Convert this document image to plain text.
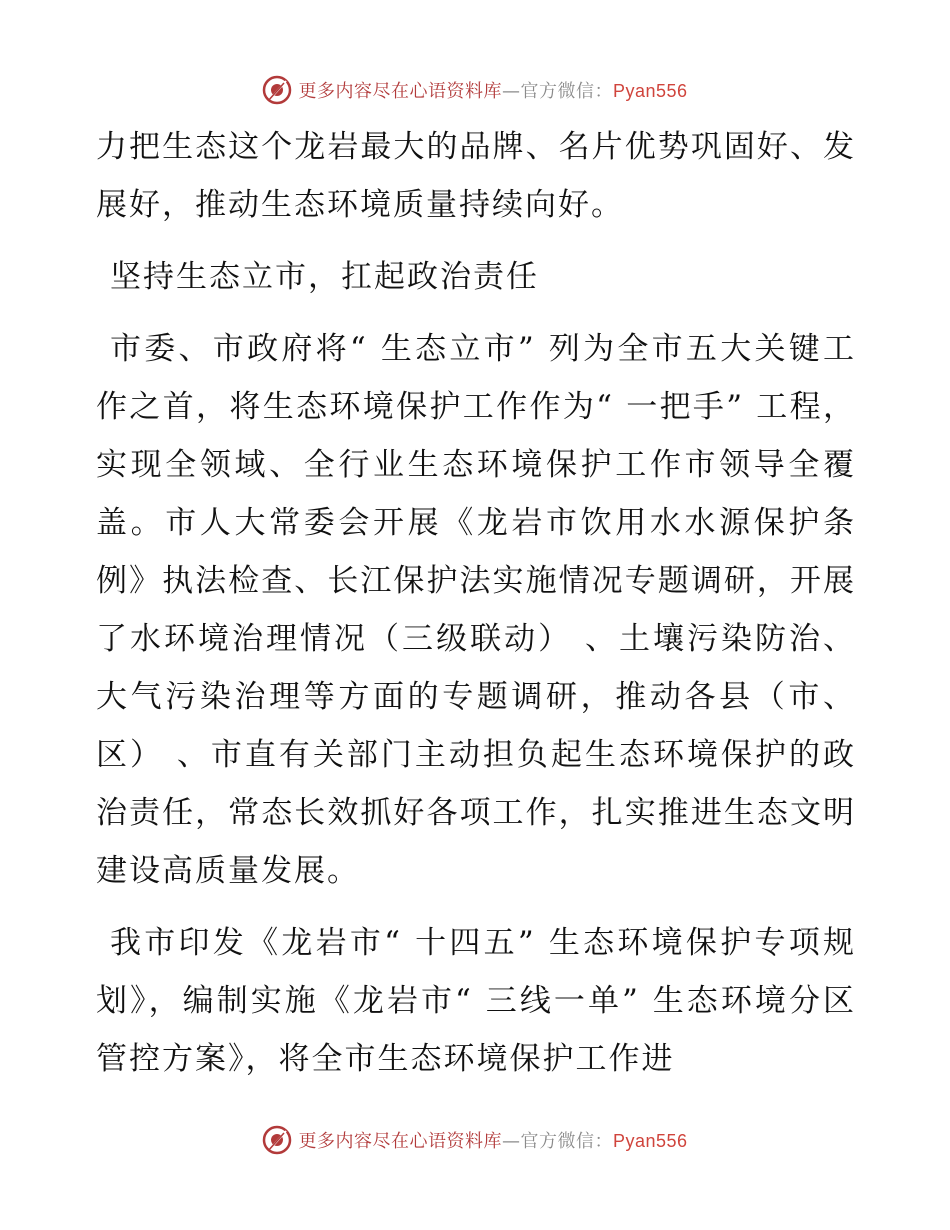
更多内容尽在心语资料库—官方微信：Pyan556

力把生态这个龙岩最大的品牌、名片优势巩固好、发展好，推动生态环境质量持续向好。

坚持生态立市，扛起政治责任

市委、市政府将“ 生态立市” 列为全市五大关键工作之首，将生态环境保护工作作为“ 一把手” 工程，实现全领域、全行业生态环境保护工作市领导全覆盖。市人大常委会开展《龙岩市饮用水水源保护条例》执法检查、长江保护法实施情况专题调研，开展了水环境治理情况（三级联动） 、土壤污染防治、大气污染治理等方面的专题调研，推动各县（市、区） 、市直有关部门主动担负起生态环境保护的政治责任，常态长效抓好各项工作，扎实推进生态文明建设高质量发展。

我市印发《龙岩市“ 十四五” 生态环境保护专项规划》，编制实施《龙岩市“ 三线一单” 生态环境分区管控方案》，将全市生态环境保护工作进

更多内容尽在心语资料库—官方微信：Pyan556
